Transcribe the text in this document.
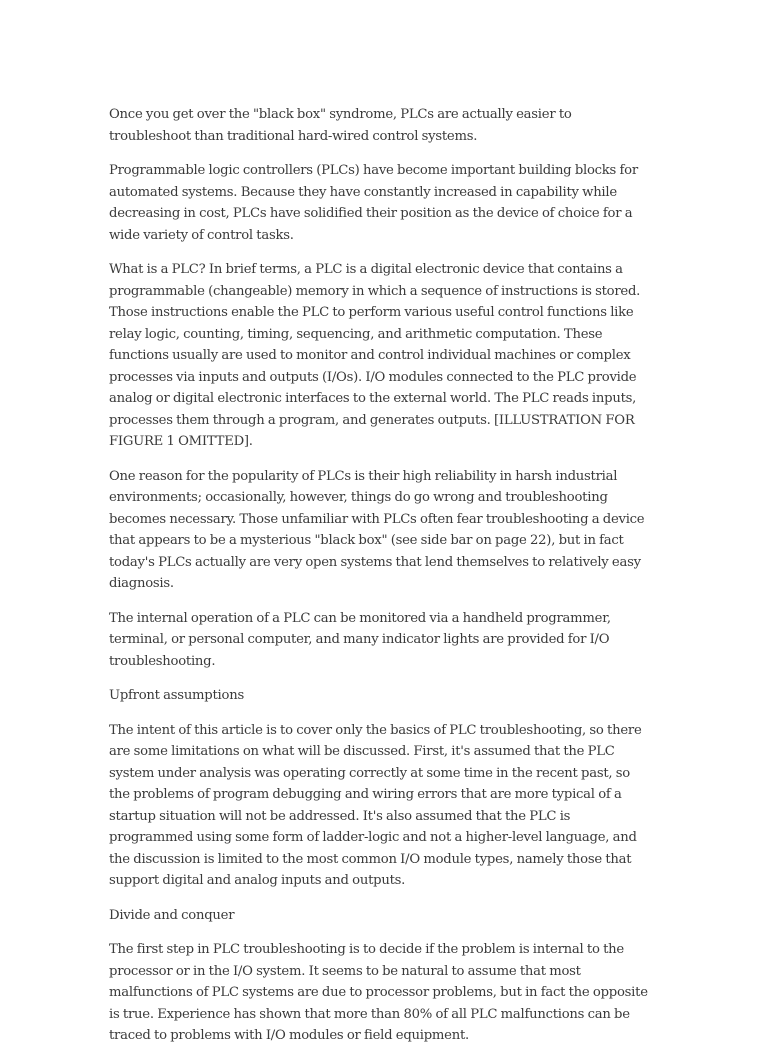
Once you get over the "black box" syndrome, PLCs are actually easier to troubleshoot than traditional hard-wired control systems.

Programmable logic controllers (PLCs) have become important building blocks for automated systems. Because they have constantly increased in capability while decreasing in cost, PLCs have solidified their position as the device of choice for a wide variety of control tasks.

What is a PLC? In brief terms, a PLC is a digital electronic device that contains a programmable (changeable) memory in which a sequence of instructions is stored. Those instructions enable the PLC to perform various useful control functions like relay logic, counting, timing, sequencing, and arithmetic computation. These functions usually are used to monitor and control individual machines or complex processes via inputs and outputs (I/Os). I/O modules connected to the PLC provide analog or digital electronic interfaces to the external world. The PLC reads inputs, processes them through a program, and generates outputs. [ILLUSTRATION FOR FIGURE 1 OMITTED].

One reason for the popularity of PLCs is their high reliability in harsh industrial environments; occasionally, however, things do go wrong and troubleshooting becomes necessary. Those unfamiliar with PLCs often fear troubleshooting a device that appears to be a mysterious "black box" (see side bar on page 22), but in fact today's PLCs actually are very open systems that lend themselves to relatively easy diagnosis.

The internal operation of a PLC can be monitored via a handheld programmer, terminal, or personal computer, and many indicator lights are provided for I/O troubleshooting.

Upfront assumptions

The intent of this article is to cover only the basics of PLC troubleshooting, so there are some limitations on what will be discussed. First, it's assumed that the PLC system under analysis was operating correctly at some time in the recent past, so the problems of program debugging and wiring errors that are more typical of a startup situation will not be addressed. It's also assumed that the PLC is programmed using some form of ladder-logic and not a higher-level language, and the discussion is limited to the most common I/O module types, namely those that support digital and analog inputs and outputs.

Divide and conquer

The first step in PLC troubleshooting is to decide if the problem is internal to the processor or in the I/O system. It seems to be natural to assume that most malfunctions of PLC systems are due to processor problems, but in fact the opposite is true. Experience has shown that more than 80% of all PLC malfunctions can be traced to problems with I/O modules or field equipment.
